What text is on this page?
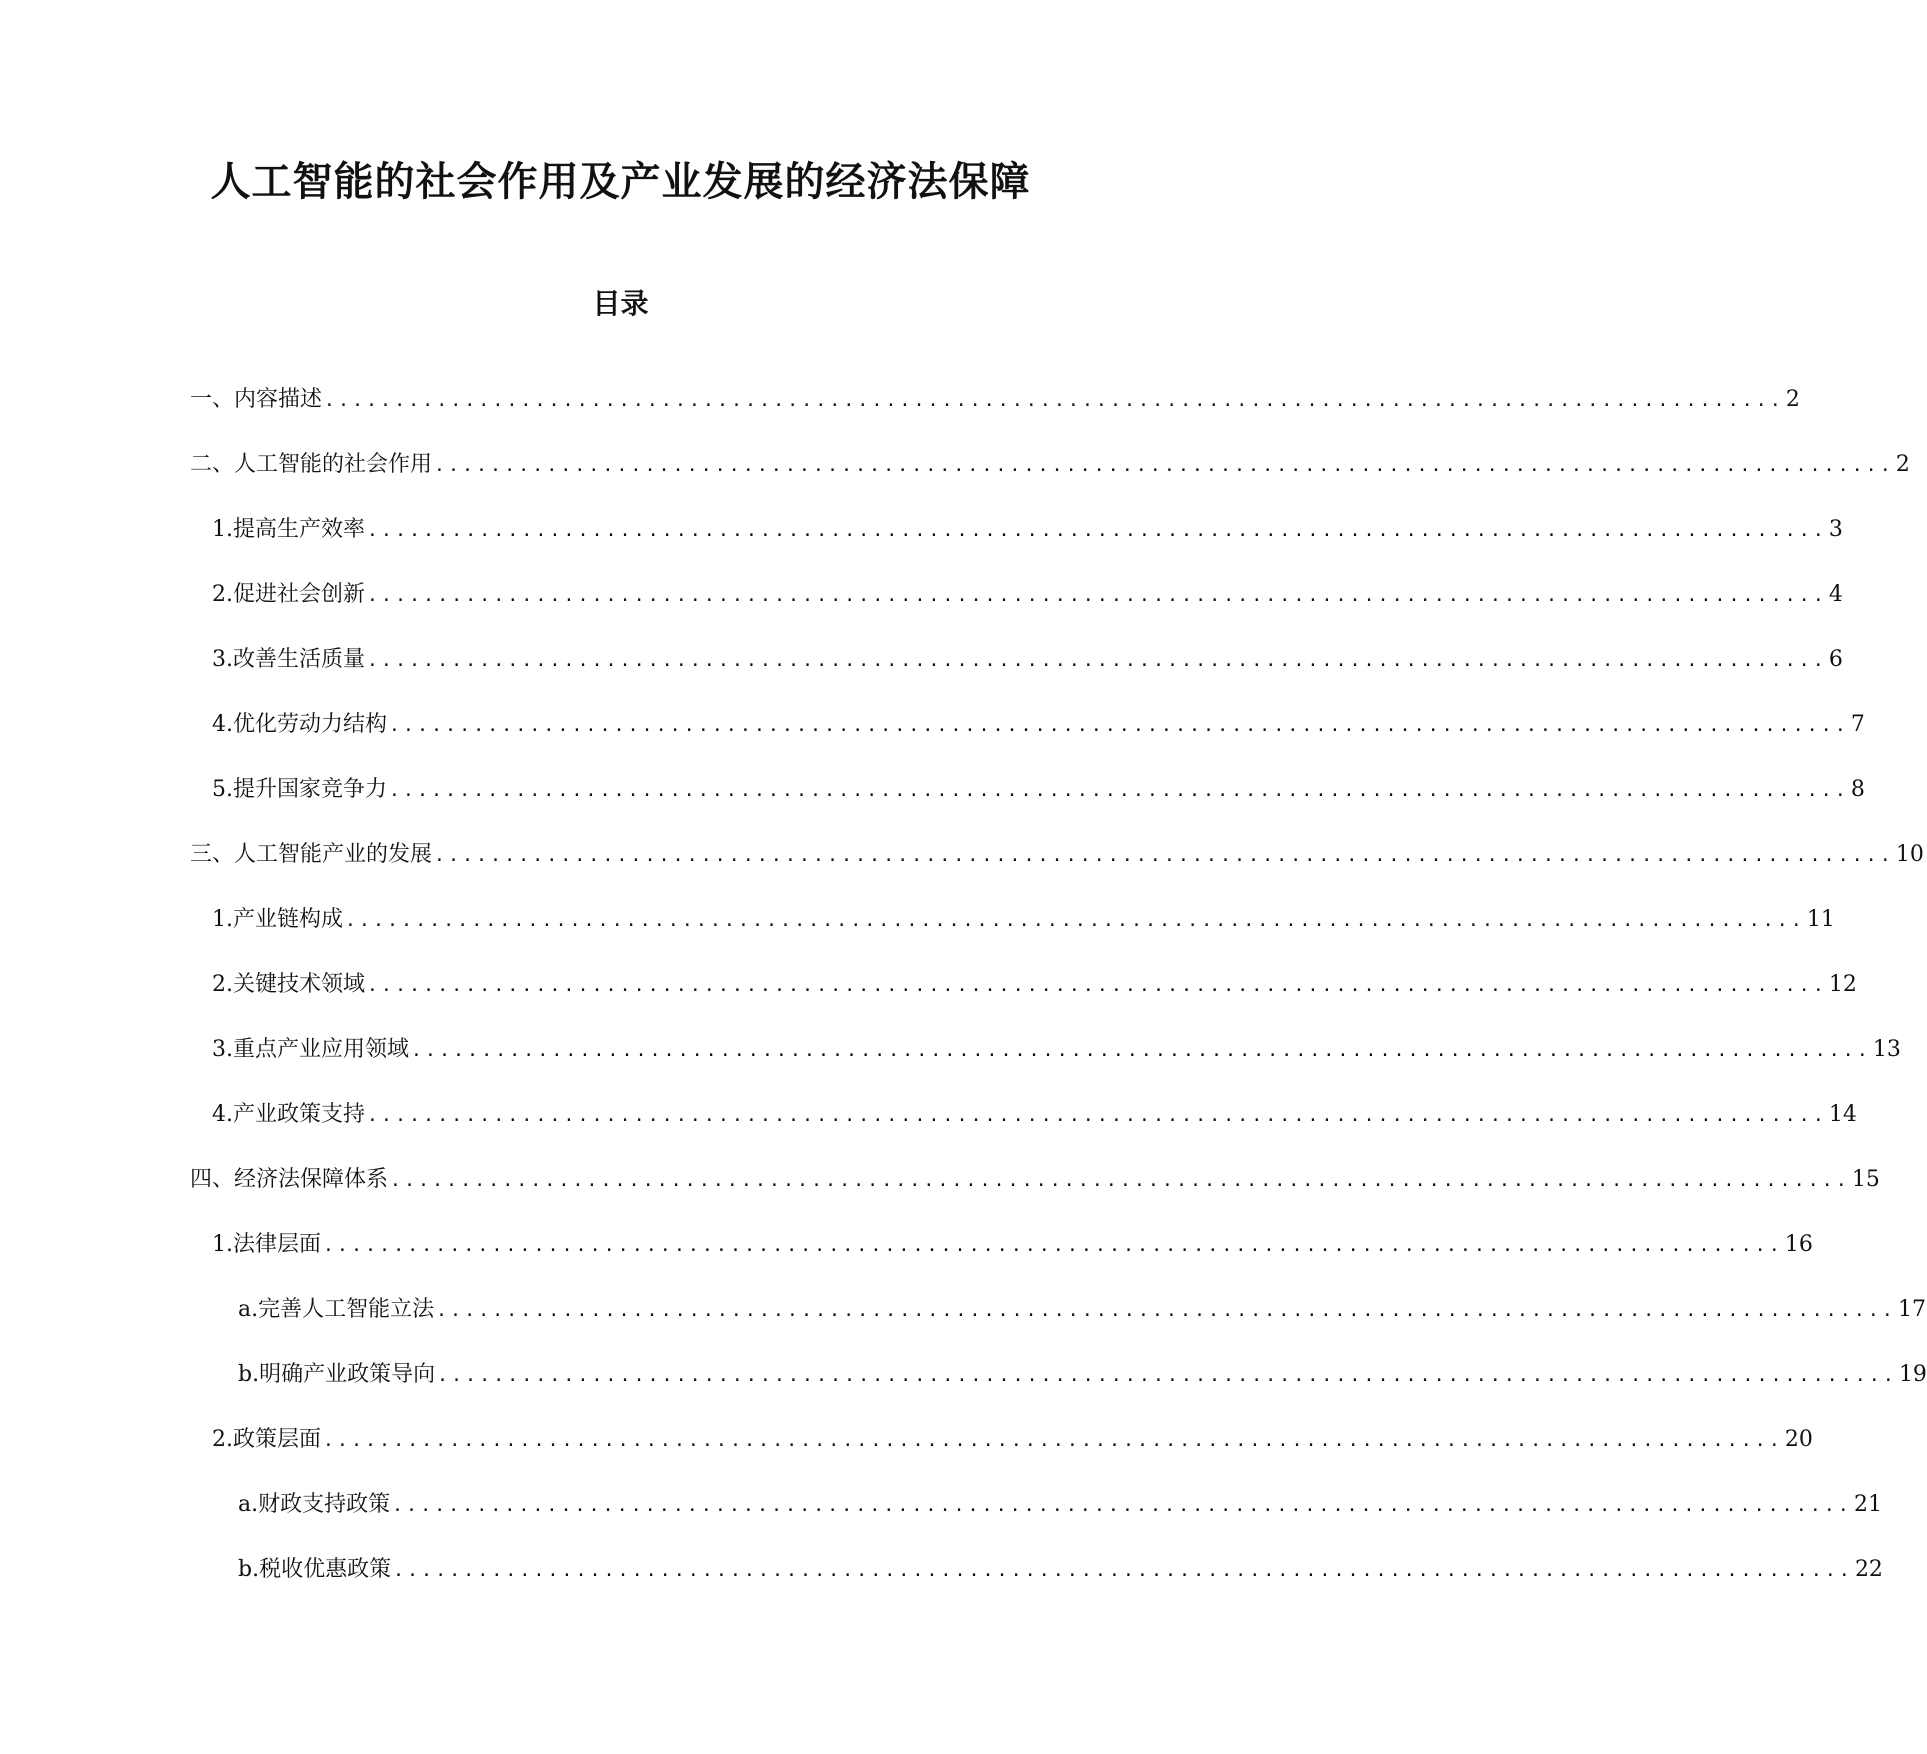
人工智能的社会作用及产业发展的经济法保障
目录
一、 内容描述 ........................................................................................................ 2
二、 人工智能的社会作用 ........................................................................................................ 2
1. 提高生产效率 ........................................................................................................ 3
2. 促进社会创新 ........................................................................................................ 4
3. 改善生活质量 ........................................................................................................ 6
4. 优化劳动力结构 ........................................................................................................ 7
5. 提升国家竞争力 ........................................................................................................ 8
三、 人工智能产业的发展 ........................................................................................................ 10
1. 产业链构成 ........................................................................................................ 11
2. 关键技术领域 ........................................................................................................ 12
3. 重点产业应用领域 ........................................................................................................ 13
4. 产业政策支持 ........................................................................................................ 14
四、 经济法保障体系 ........................................................................................................ 15
1. 法律层面 ........................................................................................................ 16
a. 完善人工智能立法 ........................................................................................................ 17
b. 明确产业政策导向 ........................................................................................................ 19
2. 政策层面 ........................................................................................................ 20
a. 财政支持政策 ........................................................................................................ 21
b. 税收优惠政策 ........................................................................................................ 22
